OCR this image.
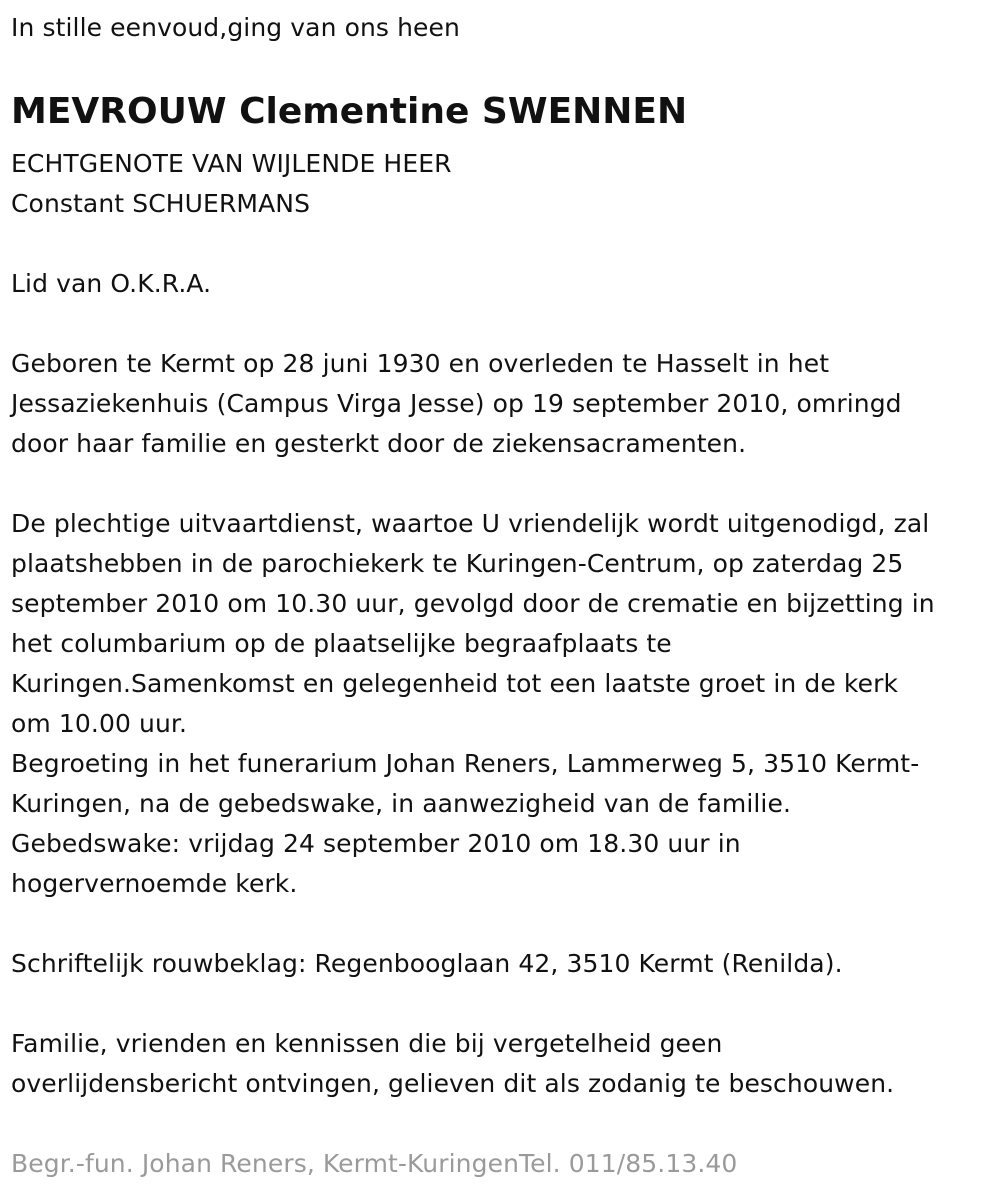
In stille eenvoud,ging van ons heen
MEVROUW Clementine SWENNEN
ECHTGENOTE VAN WIJLENDE HEER
Constant SCHUERMANS
Lid van O.K.R.A.
Geboren te Kermt op 28 juni 1930 en overleden te Hasselt in het
Jessaziekenhuis (Campus Virga Jesse) op 19 september 2010, omringd
door haar familie en gesterkt door de ziekensacramenten.
De plechtige uitvaartdienst, waartoe U vriendelijk wordt uitgenodigd, zal
plaatshebben in de parochiekerk te Kuringen-Centrum, op zaterdag 25
september 2010 om 10.30 uur, gevolgd door de crematie en bijzetting in
het columbarium op de plaatselijke begraafplaats te
Kuringen.Samenkomst en gelegenheid tot een laatste groet in de kerk
om 10.00 uur.
Begroeting in het funerarium Johan Reners, Lammerweg 5, 3510 Kermt-
Kuringen, na de gebedswake, in aanwezigheid van de familie.
Gebedswake: vrijdag 24 september 2010 om 18.30 uur in
hogervernoemde kerk.
Schriftelijk rouwbeklag: Regenbooglaan 42, 3510 Kermt (Renilda).
Familie, vrienden en kennissen die bij vergetelheid geen
overlijdensbericht ontvingen, gelieven dit als zodanig te beschouwen.
Begr.-fun. Johan Reners, Kermt-KuringenTel. 011/85.13.40
